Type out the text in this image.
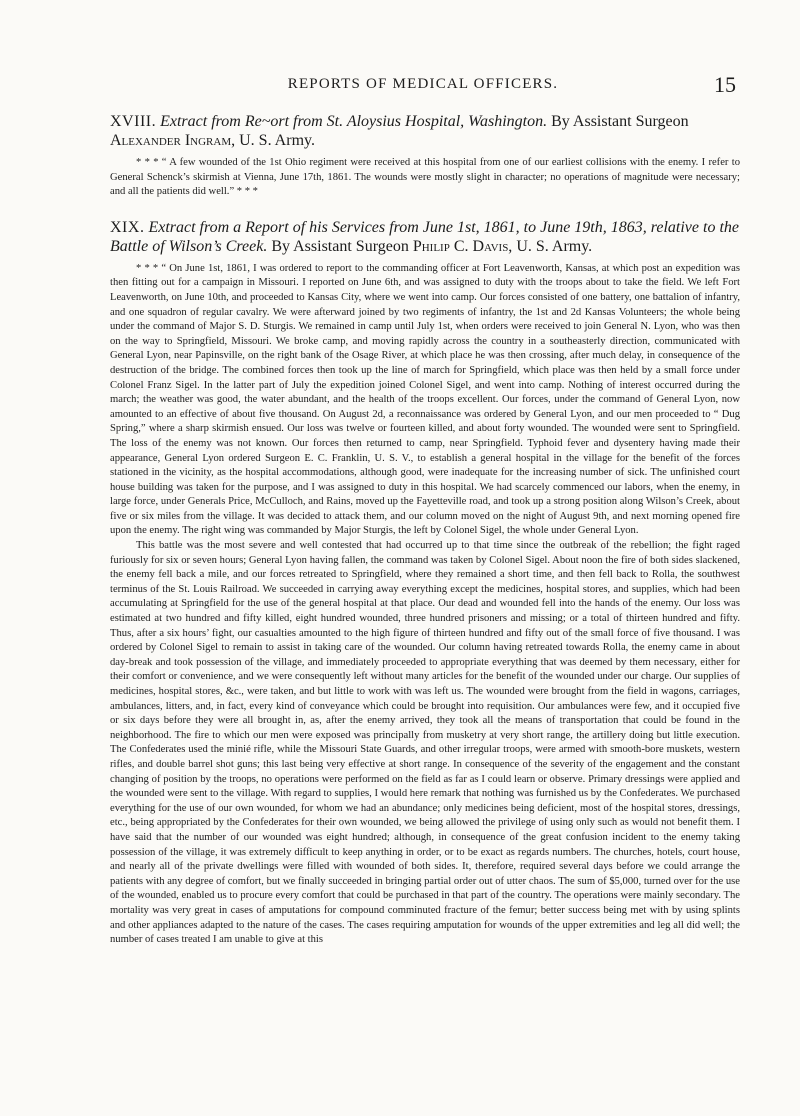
REPORTS OF MEDICAL OFFICERS.	15

XVIII. Extract from Re~ort from St. Aloysius Hospital, Washington. By Assistant Surgeon Alexander Ingram, U. S. Army.

* * * “ A few wounded of the 1st Ohio regiment were received at this hospital from one of our earliest collisions with the enemy. I refer to General Schenck’s skirmish at Vienna, June 17th, 1861. The wounds were mostly slight in character; no operations of magnitude were necessary; and all the patients did well.” * * *

XIX. Extract from a Report of his Services from June 1st, 1861, to June 19th, 1863, relative to the Battle of Wilson’s Creek. By Assistant Surgeon Philip C. Davis, U. S. Army.

* * * “ On June 1st, 1861, I was ordered to report to the commanding officer at Fort Leavenworth, Kansas, at which post an expedition was then fitting out for a campaign in Missouri. I reported on June 6th, and was assigned to duty with the troops about to take the field. We left Fort Leavenworth, on June 10th, and proceeded to Kansas City, where we went into camp. Our forces consisted of one battery, one battalion of infantry, and one squadron of regular cavalry. We were afterward joined by two regiments of infantry, the 1st and 2d Kansas Volunteers; the whole being under the command of Major S. D. Sturgis. We remained in camp until July 1st, when orders were received to join General N. Lyon, who was then on the way to Springfield, Missouri. We broke camp, and moving rapidly across the country in a southeasterly direction, communicated with General Lyon, near Papinsville, on the right bank of the Osage River, at which place he was then crossing, after much delay, in consequence of the destruction of the bridge. The combined forces then took up the line of march for Springfield, which place was then held by a small force under Colonel Franz Sigel. In the latter part of July the expedition joined Colonel Sigel, and went into camp. Nothing of interest occurred during the march; the weather was good, the water abundant, and the health of the troops excellent. Our forces, under the command of General Lyon, now amounted to an effective of about five thousand. On August 2d, a reconnaissance was ordered by General Lyon, and our men proceeded to “ Dug Spring,” where a sharp skirmish ensued. Our loss was twelve or fourteen killed, and about forty wounded. The wounded were sent to Springfield. The loss of the enemy was not known. Our forces then returned to camp, near Springfield. Typhoid fever and dysentery having made their appearance, General Lyon ordered Surgeon E. C. Franklin, U. S. V., to establish a general hospital in the village for the benefit of the forces stationed in the vicinity, as the hospital accommodations, although good, were inadequate for the increasing number of sick. The unfinished court house building was taken for the purpose, and I was assigned to duty in this hospital. We had scarcely commenced our labors, when the enemy, in large force, under Generals Price, McCulloch, and Rains, moved up the Fayetteville road, and took up a strong position along Wilson’s Creek, about five or six miles from the village. It was decided to attack them, and our column moved on the night of August 9th, and next morning opened fire upon the enemy. The right wing was commanded by Major Sturgis, the left by Colonel Sigel, the whole under General Lyon.

This battle was the most severe and well contested that had occurred up to that time since the outbreak of the rebellion; the fight raged furiously for six or seven hours; General Lyon having fallen, the command was taken by Colonel Sigel. About noon the fire of both sides slackened, the enemy fell back a mile, and our forces retreated to Springfield, where they remained a short time, and then fell back to Rolla, the southwest terminus of the St. Louis Railroad. We succeeded in carrying away everything except the medicines, hospital stores, and supplies, which had been accumulating at Springfield for the use of the general hospital at that place. Our dead and wounded fell into the hands of the enemy. Our loss was estimated at two hundred and fifty killed, eight hundred wounded, three hundred prisoners and missing; or a total of thirteen hundred and fifty. Thus, after a six hours’ fight, our casualties amounted to the high figure of thirteen hundred and fifty out of the small force of five thousand. I was ordered by Colonel Sigel to remain to assist in taking care of the wounded. Our column having retreated towards Rolla, the enemy came in about day-break and took possession of the village, and immediately proceeded to appropriate everything that was deemed by them necessary, either for their comfort or convenience, and we were consequently left without many articles for the benefit of the wounded under our charge. Our supplies of medicines, hospital stores, &c., were taken, and but little to work with was left us. The wounded were brought from the field in wagons, carriages, ambulances, litters, and, in fact, every kind of conveyance which could be brought into requisition. Our ambulances were few, and it occupied five or six days before they were all brought in, as, after the enemy arrived, they took all the means of transportation that could be found in the neighborhood. The fire to which our men were exposed was principally from musketry at very short range, the artillery doing but little execution. The Confederates used the minié rifle, while the Missouri State Guards, and other irregular troops, were armed with smooth-bore muskets, western rifles, and double barrel shot guns; this last being very effective at short range. In consequence of the severity of the engagement and the constant changing of position by the troops, no operations were performed on the field as far as I could learn or observe. Primary dressings were applied and the wounded were sent to the village. With regard to supplies, I would here remark that nothing was furnished us by the Confederates. We purchased everything for the use of our own wounded, for whom we had an abundance; only medicines being deficient, most of the hospital stores, dressings, etc., being appropriated by the Confederates for their own wounded, we being allowed the privilege of using only such as would not benefit them. I have said that the number of our wounded was eight hundred; although, in consequence of the great confusion incident to the enemy taking possession of the village, it was extremely difficult to keep anything in order, or to be exact as regards numbers. The churches, hotels, court house, and nearly all of the private dwellings were filled with wounded of both sides. It, therefore, required several days before we could arrange the patients with any degree of comfort, but we finally succeeded in bringing partial order out of utter chaos. The sum of $5,000, turned over for the use of the wounded, enabled us to procure every comfort that could be purchased in that part of the country. The operations were mainly secondary. The mortality was very great in cases of amputations for compound comminuted fracture of the femur; better success being met with by using splints and other appliances adapted to the nature of the cases. The cases requiring amputation for wounds of the upper extremities and leg all did well; the number of cases treated I am unable to give at this
